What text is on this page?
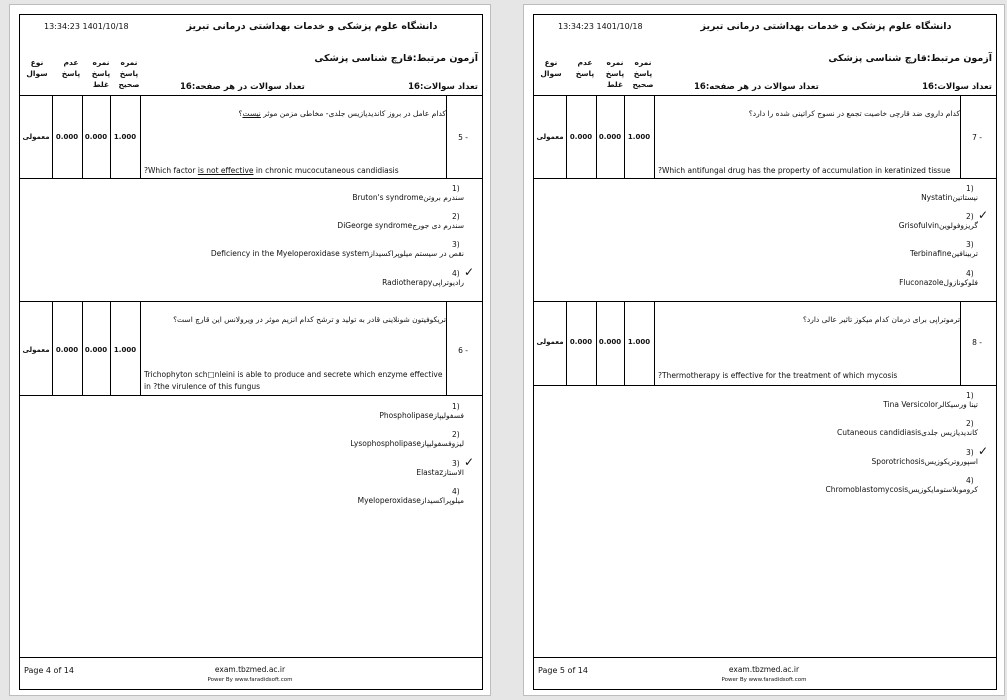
دانشگاه علوم پزشکی و خدمات بهداشتی درمانی تبریز
13:34:23 1401/10/18
آزمون مرتبط:قارچ شناسی پزشکی
تعداد سوالات:16
تعداد سوالات در هر صفحه:16
نمره
پاسخ
صحیح
نمره
پاسخ
غلط
عدم
پاسخ
نوع
سوال
- 5
کدام عامل در بروز کاندیدیازیس جلدی- مخاطی مزمن موثر نیست؟
?Which factor is not effective in chronic mucocutaneous candidiasis
1.000
0.000
0.000
معمولی
1)
سندرم بروتنBruton's syndrome
2)
سندرم دی جورجDiGeorge syndrome
3)
نقص در سیستم میلوپراکسیدازDeficiency in the Myeloperoxidase system
4) ✓
رادیوتراپیRadiotherapy
- 6
تریکوفیتون شونلاینی قادر به تولید و ترشح کدام انزیم موثر در ویرولانس این قارچ است؟
Trichophyton sch□nleini is able to produce and secrete which enzyme effective in ?the virulence of this fungus
1.000
0.000
0.000
معمولی
1)
فسفولیپازPhospholipase
2)
لیزوفسفولیپازLysophospholipase
3) ✓
الاستازElastaz
4)
میلوپراکسیدازMyeloperoxidase
Page 4 of 14	exam.tbzmed.ac.ir
Power By www.faradidsoft.com
دانشگاه علوم پزشکی و خدمات بهداشتی درمانی تبریز
13:34:23 1401/10/18
آزمون مرتبط:قارچ شناسی پزشکی
تعداد سوالات:16
تعداد سوالات در هر صفحه:16
نمره
پاسخ
صحیح
نمره
پاسخ
غلط
عدم
پاسخ
نوع
سوال
- 7
کدام داروی ضد قارچی خاصیت تجمع در نسوج کراتینی شده را دارد؟
?Which antifungal drug has the property of accumulation in keratinized tissue
1.000
0.000
0.000
معمولی
1)
نیستاتینNystatin
2) ✓
گریزوفولوینGrisofulvin
3)
تربینافینTerbinafine
4)
فلوکونازولFluconazole
- 8
ترموتراپی برای درمان کدام میکوز تاثیر عالی دارد؟
?Thermotherapy is effective for the treatment of which mycosis
1.000
0.000
0.000
معمولی
1)
تینا ورسیکالرTina Versicolor
2)
کاندیدیازیس جلدیCutaneous candidiasis
3) ✓
اسپوروتریکوزیسSporotrichosis
4)
کروموبلاستومایکوزیسChromoblastomycosis
Page 5 of 14	exam.tbzmed.ac.ir
Power By www.faradidsoft.com
